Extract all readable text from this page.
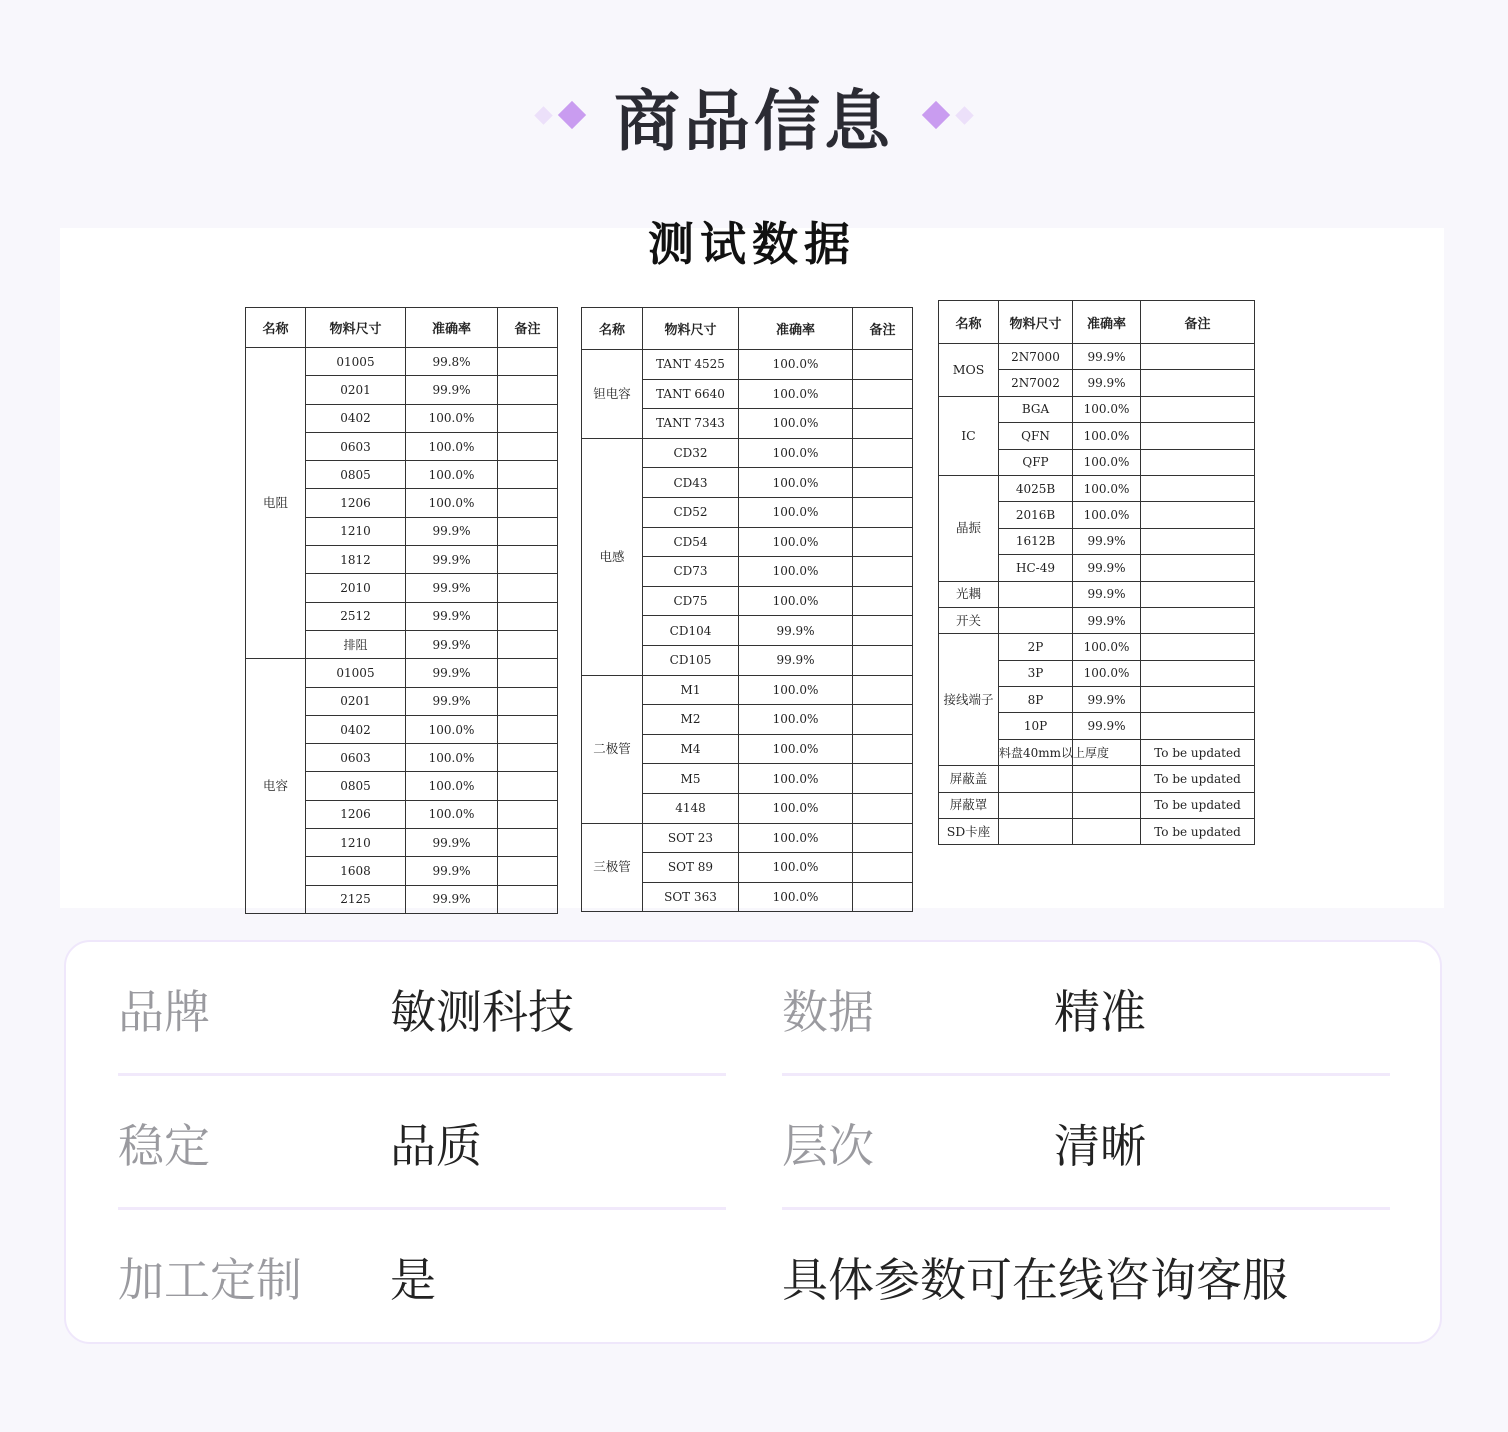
商品信息
测试数据
名称	物料尺寸	准确率	备注
电阻	01005	99.8%	
	0201	99.9%	
	0402	100.0%	
	0603	100.0%	
	0805	100.0%	
	1206	100.0%	
	1210	99.9%	
	1812	99.9%	
	2010	99.9%	
	2512	99.9%	
	排阻	99.9%	
电容	01005	99.9%	
	0201	99.9%	
	0402	100.0%	
	0603	100.0%	
	0805	100.0%	
	1206	100.0%	
	1210	99.9%	
	1608	99.9%	
	2125	99.9%	
名称	物料尺寸	准确率	备注
钽电容	TANT 4525	100.0%	
	TANT 6640	100.0%	
	TANT 7343	100.0%	
电感	CD32	100.0%	
	CD43	100.0%	
	CD52	100.0%	
	CD54	100.0%	
	CD73	100.0%	
	CD75	100.0%	
	CD104	99.9%	
	CD105	99.9%	
二极管	M1	100.0%	
	M2	100.0%	
	M4	100.0%	
	M5	100.0%	
	4148	100.0%	
三极管	SOT 23	100.0%	
	SOT 89	100.0%	
	SOT 363	100.0%	
名称	物料尺寸	准确率	备注
MOS	2N7000	99.9%	
	2N7002	99.9%	
IC	BGA	100.0%	
	QFN	100.0%	
	QFP	100.0%	
晶振	4025B	100.0%	
	2016B	100.0%	
	1612B	99.9%	
	HC-49	99.9%	
光耦		99.9%	
开关		99.9%	
接线端子	2P	100.0%	
	3P	100.0%	
	8P	99.9%	
	10P	99.9%	
	料盘40mm以上厚度		To be updated
屏蔽盖			To be updated
屏蔽罩			To be updated
SD卡座			To be updated
品牌	敏测科技	数据	精准
稳定	品质	层次	清晰
加工定制 是	具体参数可在线咨询客服
